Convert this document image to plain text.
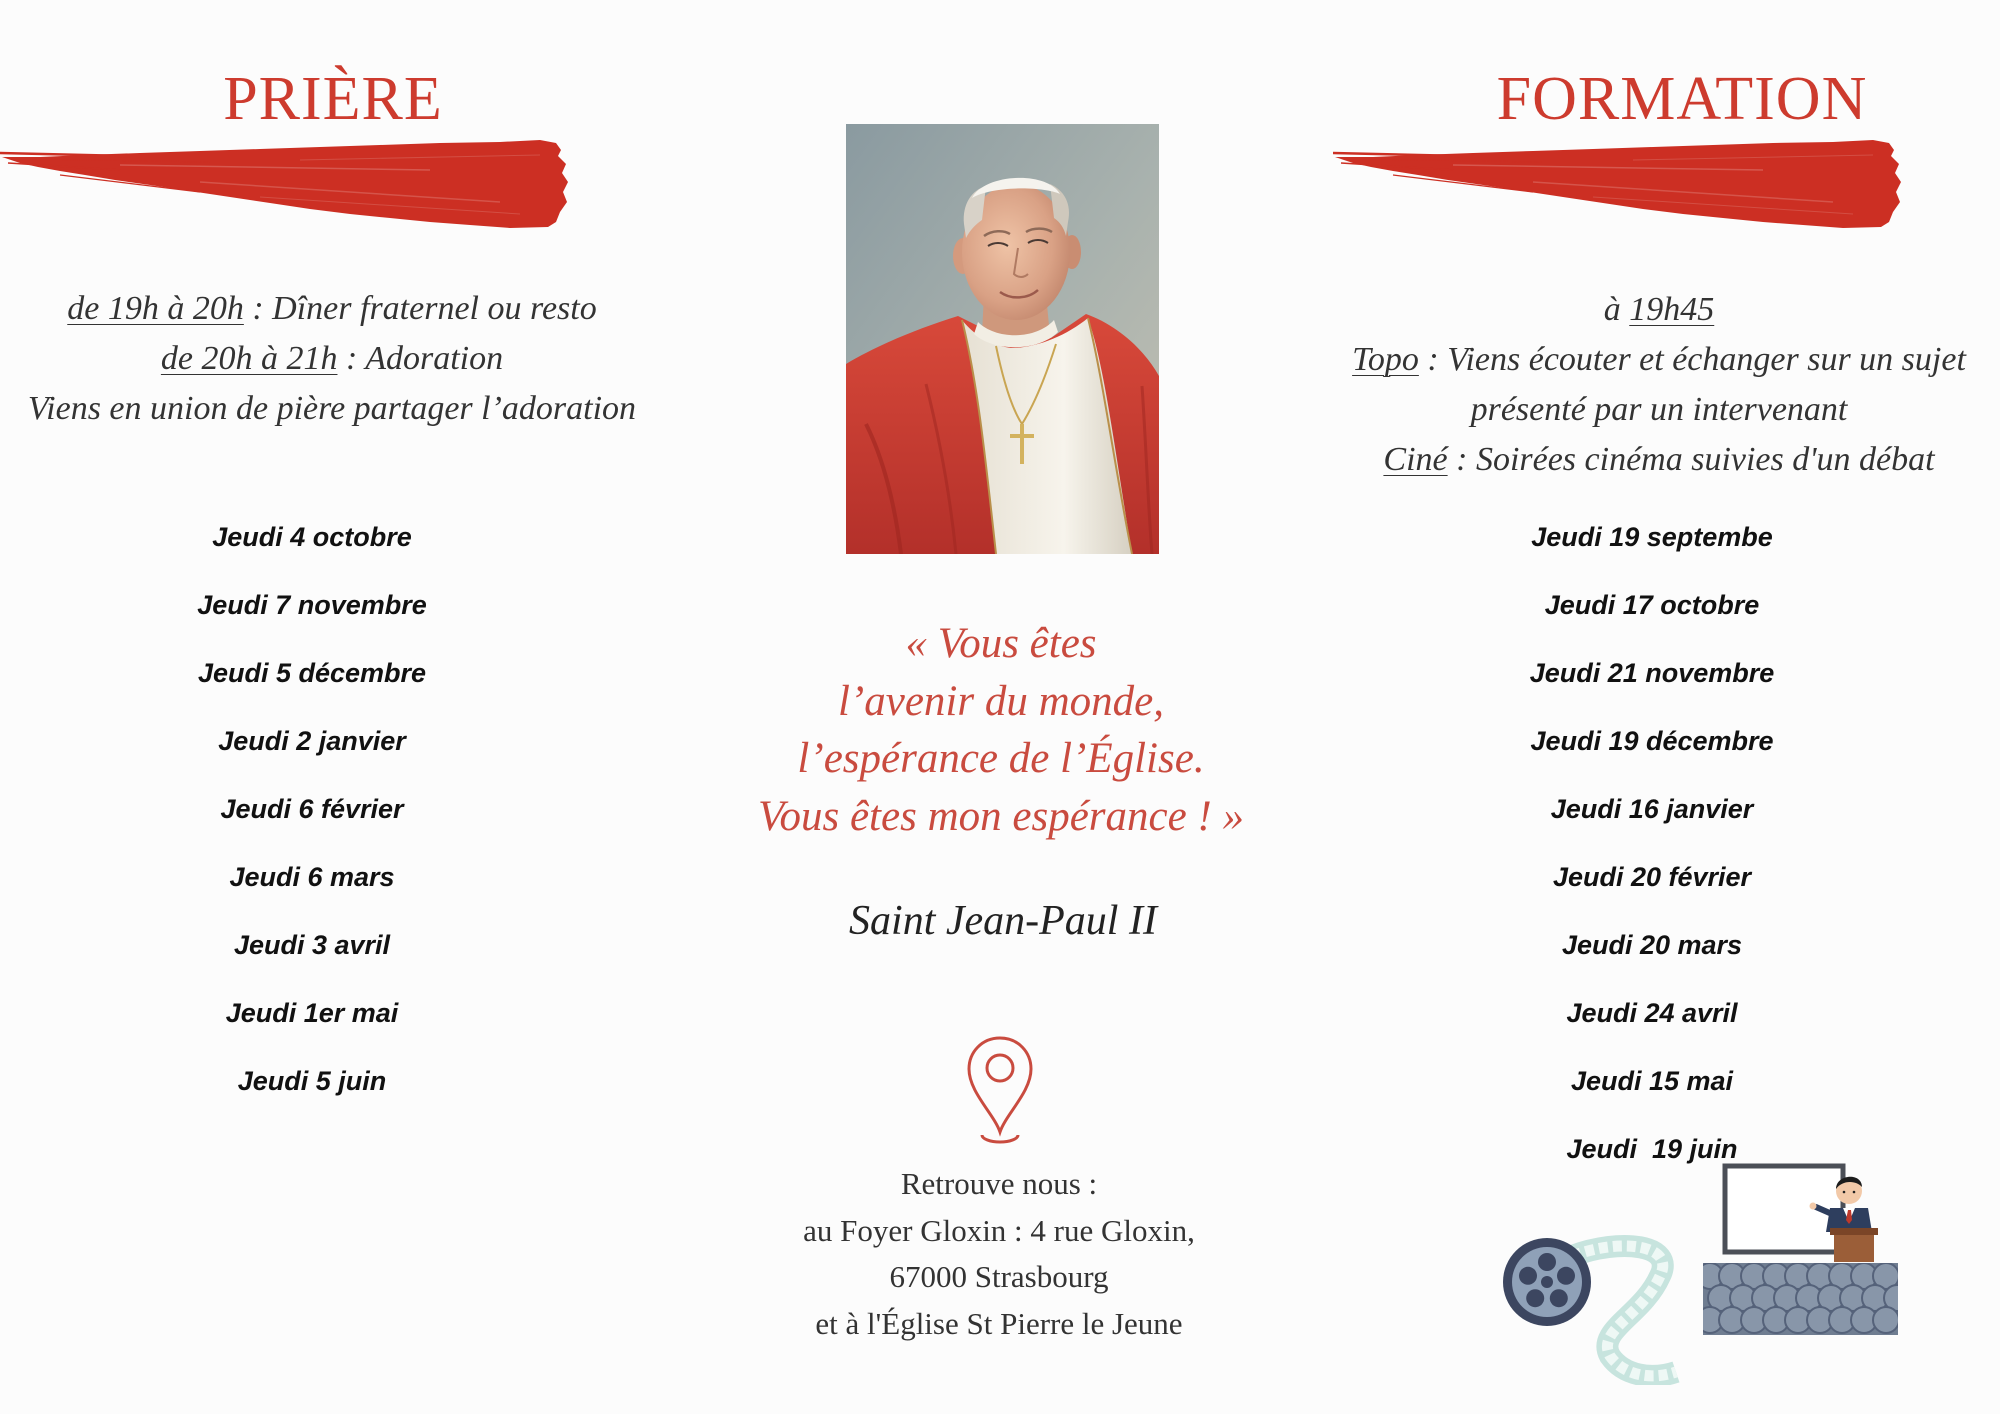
PRIÈRE
de 19h à 20h : Dîner fraternel ou resto
de 20h à 21h : Adoration
Viens en union de pière partager l’adoration
Jeudi 4 octobre
Jeudi 7 novembre
Jeudi 5 décembre
Jeudi 2 janvier
Jeudi 6 février
Jeudi 6 mars
Jeudi 3 avril
Jeudi 1er mai
Jeudi 5 juin
« Vous êtes
l’avenir du monde,
l’espérance de l’Église.
Vous êtes mon espérance ! »
Saint Jean-Paul II
Retrouve nous :
au Foyer Gloxin : 4 rue Gloxin,
67000 Strasbourg
et à l'Église St Pierre le Jeune
FORMATION
à 19h45
Topo : Viens écouter et échanger sur un sujet
présenté par un intervenant
Ciné : Soirées cinéma suivies d'un débat
Jeudi 19 septembe
Jeudi 17 octobre
Jeudi 21 novembre
Jeudi 19 décembre
Jeudi 16 janvier
Jeudi 20 février
Jeudi 20 mars
Jeudi 24 avril
Jeudi 15 mai
Jeudi  19 juin
